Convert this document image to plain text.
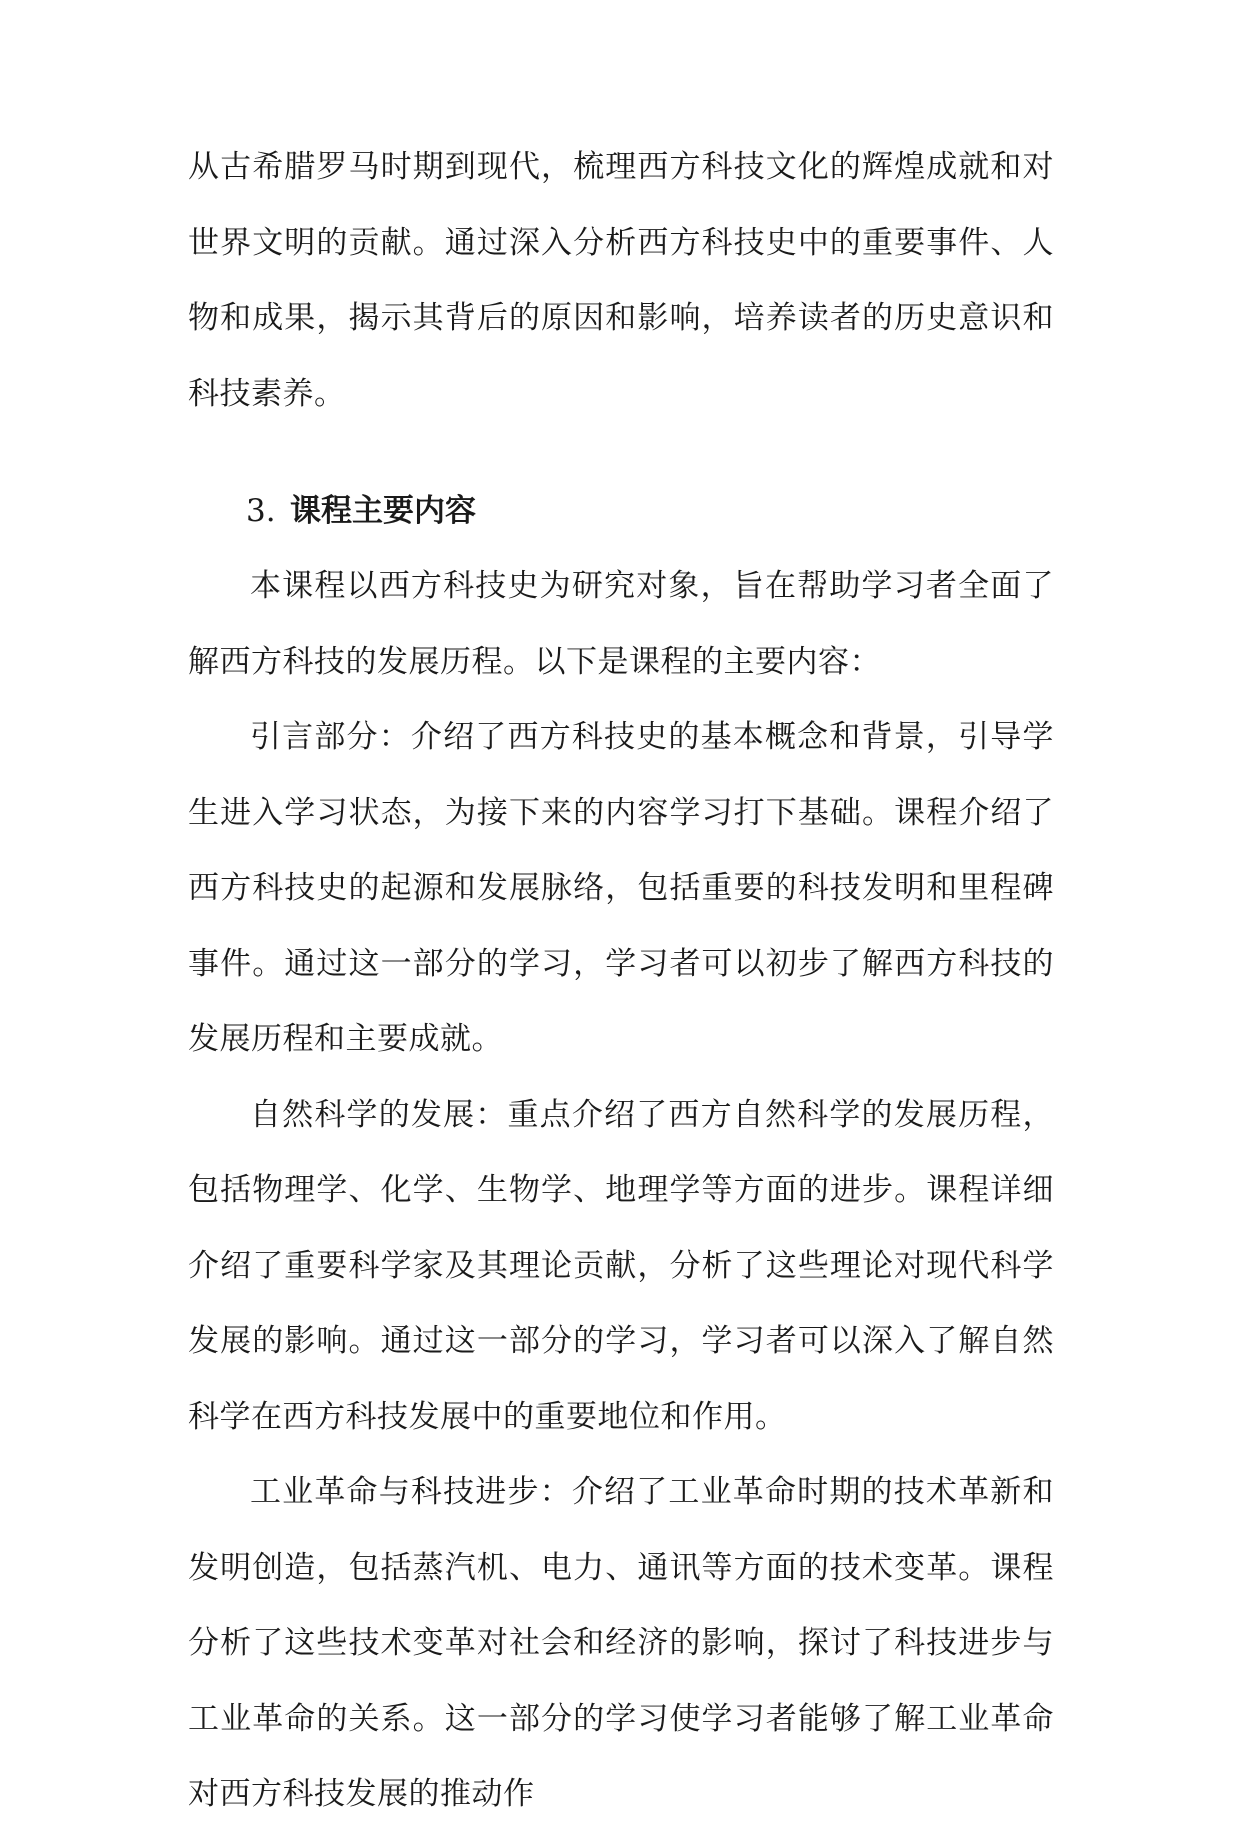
从古希腊罗马时期到现代，梳理西方科技文化的辉煌成就和对世界文明的贡献。通过深入分析西方科技史中的重要事件、人物和成果，揭示其背后的原因和影响，培养读者的历史意识和科技素养。

3. 课程主要内容

本课程以西方科技史为研究对象，旨在帮助学习者全面了解西方科技的发展历程。以下是课程的主要内容：

引言部分：介绍了西方科技史的基本概念和背景，引导学生进入学习状态，为接下来的内容学习打下基础。课程介绍了西方科技史的起源和发展脉络，包括重要的科技发明和里程碑事件。通过这一部分的学习，学习者可以初步了解西方科技的发展历程和主要成就。

自然科学的发展：重点介绍了西方自然科学的发展历程，包括物理学、化学、生物学、地理学等方面的进步。课程详细介绍了重要科学家及其理论贡献，分析了这些理论对现代科学发展的影响。通过这一部分的学习，学习者可以深入了解自然科学在西方科技发展中的重要地位和作用。

工业革命与科技进步：介绍了工业革命时期的技术革新和发明创造，包括蒸汽机、电力、通讯等方面的技术变革。课程分析了这些技术变革对社会和经济的影响，探讨了科技进步与工业革命的关系。这一部分的学习使学习者能够了解工业革命对西方科技发展的推动作
